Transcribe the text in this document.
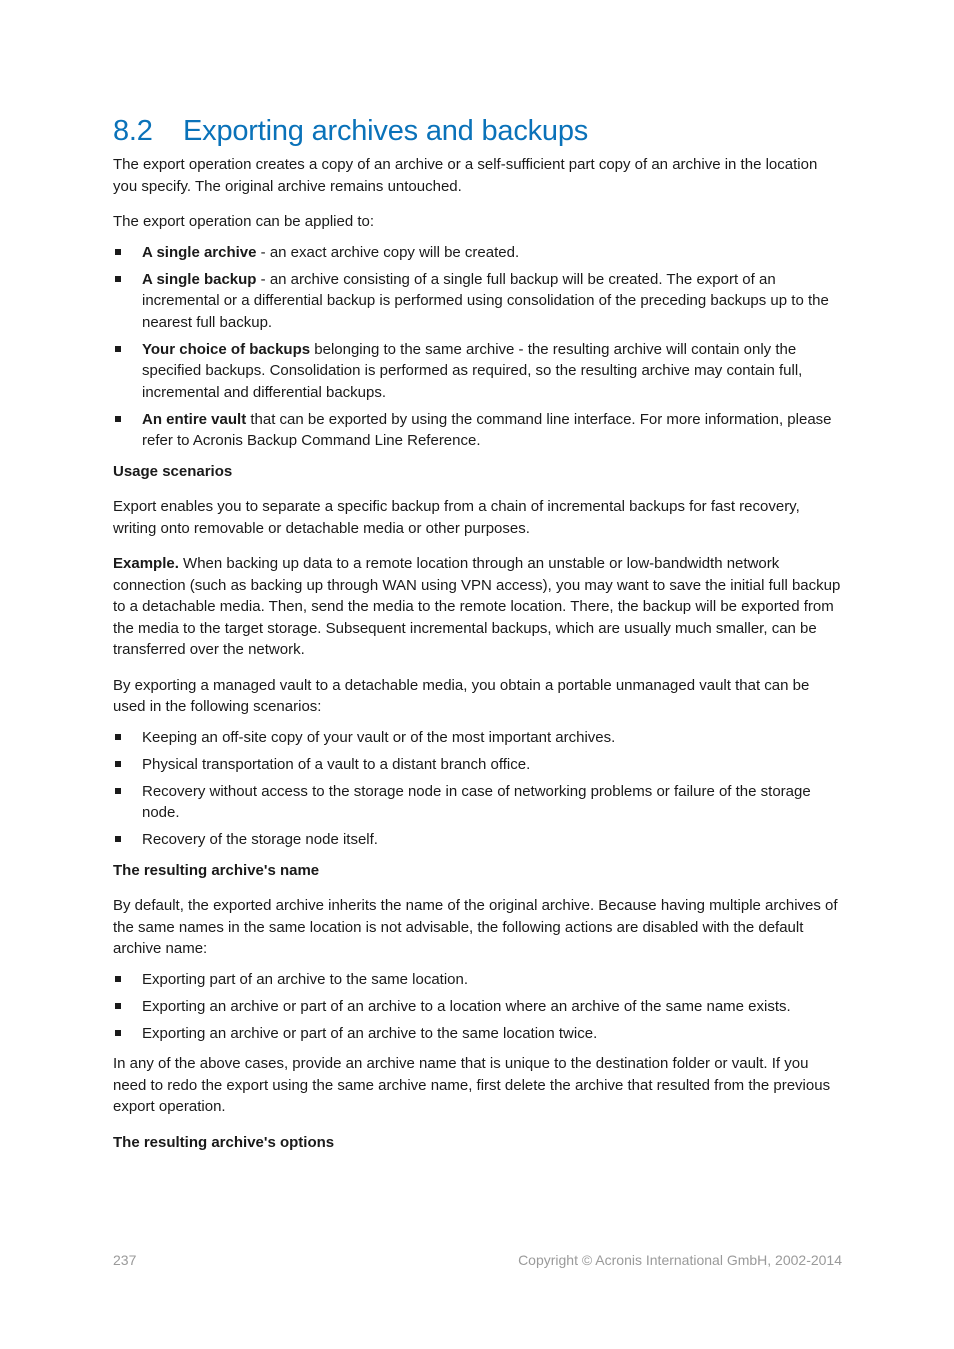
8.2 Exporting archives and backups

The export operation creates a copy of an archive or a self-sufficient part copy of an archive in the location you specify. The original archive remains untouched.

The export operation can be applied to:

A single archive - an exact archive copy will be created.
A single backup - an archive consisting of a single full backup will be created. The export of an incremental or a differential backup is performed using consolidation of the preceding backups up to the nearest full backup.
Your choice of backups belonging to the same archive - the resulting archive will contain only the specified backups. Consolidation is performed as required, so the resulting archive may contain full, incremental and differential backups.
An entire vault that can be exported by using the command line interface. For more information, please refer to Acronis Backup Command Line Reference.
Usage scenarios

Export enables you to separate a specific backup from a chain of incremental backups for fast recovery, writing onto removable or detachable media or other purposes.

Example. When backing up data to a remote location through an unstable or low-bandwidth network connection (such as backing up through WAN using VPN access), you may want to save the initial full backup to a detachable media. Then, send the media to the remote location. There, the backup will be exported from the media to the target storage. Subsequent incremental backups, which are usually much smaller, can be transferred over the network.

By exporting a managed vault to a detachable media, you obtain a portable unmanaged vault that can be used in the following scenarios:

Keeping an off-site copy of your vault or of the most important archives.
Physical transportation of a vault to a distant branch office.
Recovery without access to the storage node in case of networking problems or failure of the storage node.
Recovery of the storage node itself.
The resulting archive's name

By default, the exported archive inherits the name of the original archive. Because having multiple archives of the same names in the same location is not advisable, the following actions are disabled with the default archive name:

Exporting part of an archive to the same location.
Exporting an archive or part of an archive to a location where an archive of the same name exists.
Exporting an archive or part of an archive to the same location twice.

In any of the above cases, provide an archive name that is unique to the destination folder or vault. If you need to redo the export using the same archive name, first delete the archive that resulted from the previous export operation.

The resulting archive's options
237	Copyright © Acronis International GmbH, 2002-2014
